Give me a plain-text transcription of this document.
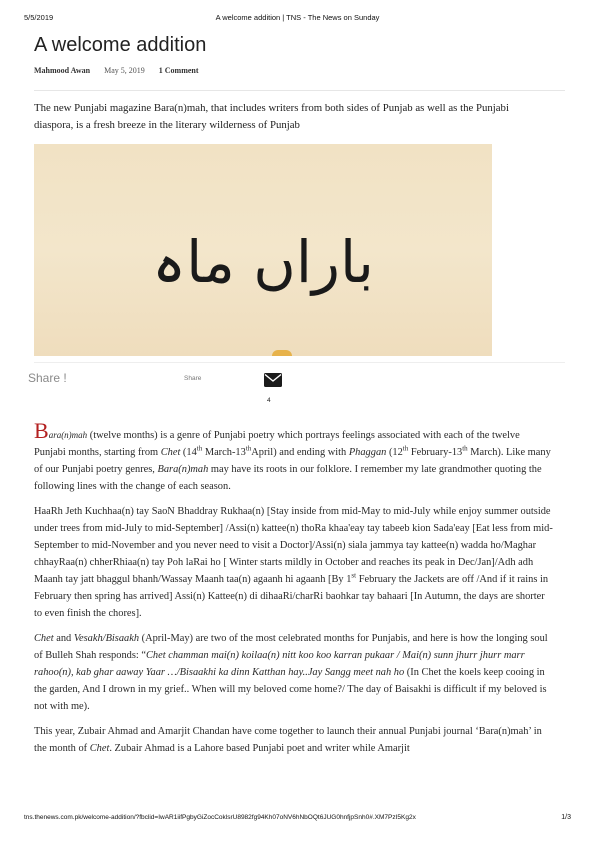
5/5/2019	A welcome addition | TNS - The News on Sunday
A welcome addition
Mahmood Awan May 5, 2019 1 Comment
The new Punjabi magazine Bara(n)mah, that includes writers from both sides of Punjab as well as the Punjabi diaspora, is a fresh breeze in the literary wilderness of Punjab
باراں ماہ
Share !	Share
4

Bara(n)mah (twelve months) is a genre of Punjabi poetry which portrays feelings associated with each of the twelve Punjabi months, starting from Chet (14th March-13thApril) and ending with Phaggan (12th February-13th March). Like many of our Punjabi poetry genres, Bara(n)mah may have its roots in our folklore. I remember my late grandmother quoting the following lines with the change of each season.

HaaRh Jeth Kuchhaa(n) tay SaoN Bhaddray Rukhaa(n) [Stay inside from mid-May to mid-July while enjoy summer outside under trees from mid-July to mid-September] /Assi(n) kattee(n) thoRa khaa'eay tay tabeeb kion Sada'eay [Eat less from mid-September to mid-November and you never need to visit a Doctor]/Assi(n) siala jammya tay kattee(n) wadda ho/Maghar chhayRaa(n) chherRhiaa(n) tay Poh laRai ho [ Winter starts mildly in October and reaches its peak in Dec/Jan]/Adh adh Maanh tay jatt bhaggul bhanh/Wassay Maanh taa(n) agaanh hi agaanh [By 1st February the Jackets are off /And if it rains in February then spring has arrived] Assi(n) Kattee(n) di dihaaRi/charRi baohkar tay bahaari [In Autumn, the days are shorter to even finish the chores].

Chet and Vesakh/Bisaakh (April-May) are two of the most celebrated months for Punjabis, and here is how the longing soul of Bulleh Shah responds: “Chet chamman mai(n) koilaa(n) nitt koo koo karran pukaar / Mai(n) sunn jhurr jhurr marr rahoo(n), kab ghar aaway Yaar …/Bisaakhi ka dinn Katthan hay..Jay Sangg meet nah ho (In Chet the koels keep cooing in the garden, And I drown in my grief.. When will my beloved come home?/ The day of Baisakhi is difficult if my beloved is not with me).

This year, Zubair Ahmad and Amarjit Chandan have come together to launch their annual Punjabi journal ‘Bara(n)mah’ in the month of Chet. Zubair Ahmad is a Lahore based Punjabi poet and writer while Amarjit

tns.thenews.com.pk/welcome-addition/?fbclid=IwAR1iifPgbyGiZocCoklsrU8982fg94Kh07oNV6hNbOQt6JUG0hnfjpSnh0#.XM7PzI5Kg2x	1/3
